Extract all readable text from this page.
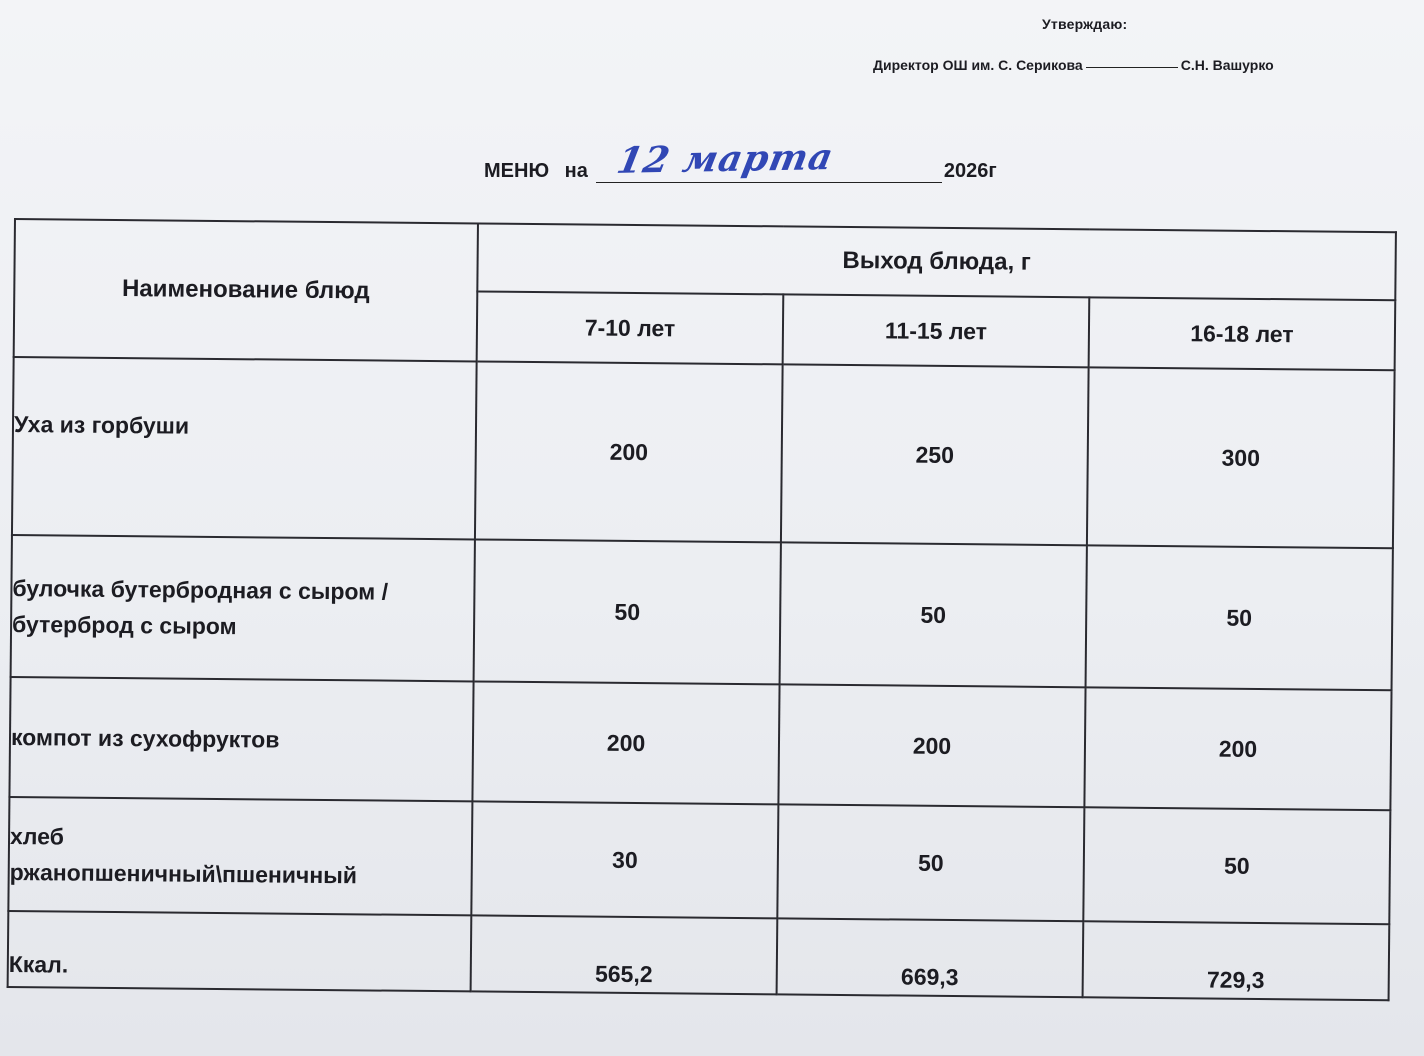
Утверждаю:
Директор ОШ им. С. Серикова	С.Н. Вашурко
МЕНЮ на 12 марта	2026г
Наименование блюд	Выход блюда, г		
	7-10 лет	11-15 лет	16-18 лет
Уха из горбуши	200	250	300

булочка бутербродная с сыром /
бутерброд с сыром	50	50	50
компот из сухофруктов	200	200	200

хлеб
ржанопшеничный\пшеничный	30	50	50
Ккал.	565,2	669,3	729,3
